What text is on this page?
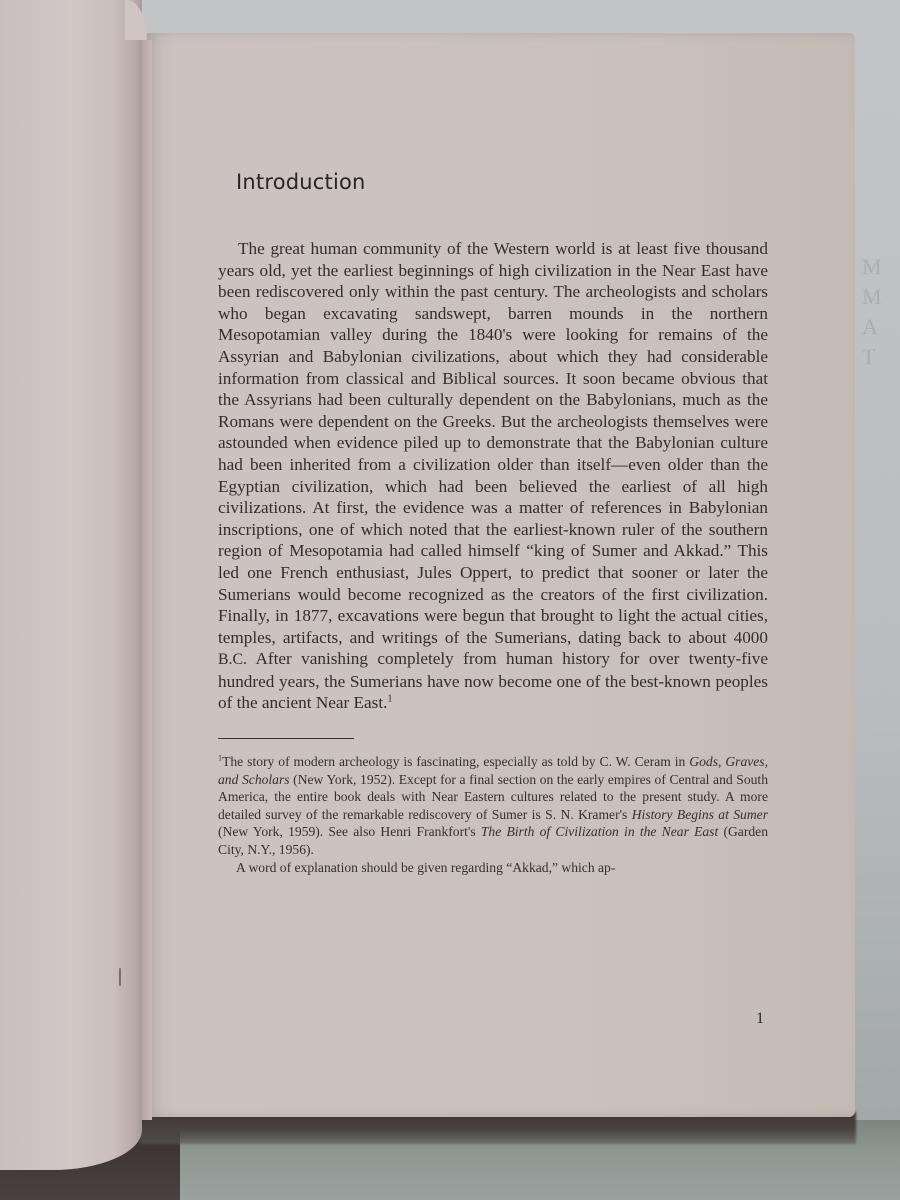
M
M
A
T
Introduction

The great human community of the Western world is at least five thousand years old, yet the earliest beginnings of high civilization in the Near East have been rediscovered only within the past century. The archeologists and scholars who began excavating sandswept, barren mounds in the northern Mesopotamian valley during the 1840's were looking for remains of the Assyrian and Babylonian civilizations, about which they had considerable information from classical and Biblical sources. It soon became obvious that the Assyrians had been culturally dependent on the Babylonians, much as the Romans were dependent on the Greeks. But the archeologists themselves were astounded when evidence piled up to demonstrate that the Babylonian culture had been inherited from a civilization older than itself—even older than the Egyptian civilization, which had been believed the earliest of all high civilizations. At first, the evidence was a matter of references in Babylonian inscriptions, one of which noted that the earliest-known ruler of the southern region of Mesopotamia had called himself “king of Sumer and Akkad.” This led one French enthusiast, Jules Oppert, to predict that sooner or later the Sumerians would become recognized as the creators of the first civilization. Finally, in 1877, excavations were begun that brought to light the actual cities, temples, artifacts, and writings of the Sumerians, dating back to about 4000 B.C. After vanishing completely from human history for over twenty-five hundred years, the Sumerians have now become one of the best-known peoples of the ancient Near East.$^1$

$^1$The story of modern archeology is fascinating, especially as told by C. W. Ceram in Gods, Graves, and Scholars (New York, 1952). Except for a final section on the early empires of Central and South America, the entire book deals with Near Eastern cultures related to the present study. A more detailed survey of the remarkable rediscovery of Sumer is S. N. Kramer's History Begins at Sumer (New York, 1959). See also Henri Frankfort's The Birth of Civilization in the Near East (Garden City, N.Y., 1956).

A word of explanation should be given regarding “Akkad,” which ap-

1
